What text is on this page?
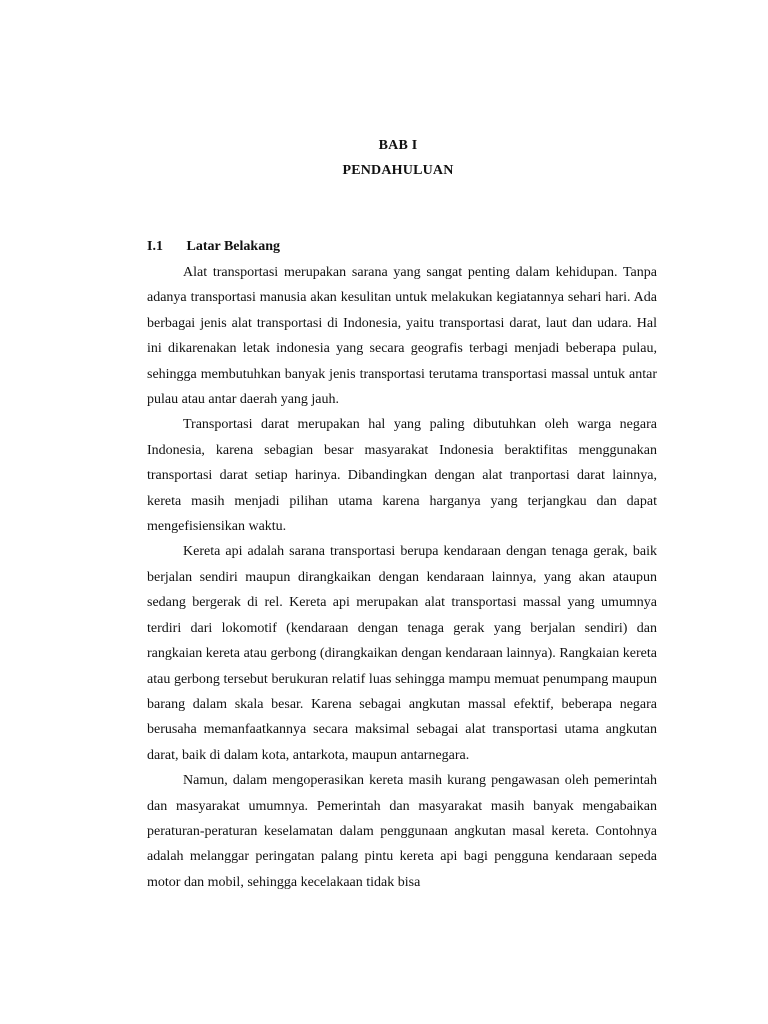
BAB I
PENDAHULUAN
I.1 Latar Belakang

Alat transportasi merupakan sarana yang sangat penting dalam kehidupan. Tanpa adanya transportasi manusia akan kesulitan untuk melakukan kegiatannya sehari hari. Ada berbagai jenis alat transportasi di Indonesia, yaitu transportasi darat, laut dan udara. Hal ini dikarenakan letak indonesia yang secara geografis terbagi menjadi beberapa pulau, sehingga membutuhkan banyak jenis transportasi terutama transportasi massal untuk antar pulau atau antar daerah yang jauh.

Transportasi darat merupakan hal yang paling dibutuhkan oleh warga negara Indonesia, karena sebagian besar masyarakat Indonesia beraktifitas menggunakan transportasi darat setiap harinya. Dibandingkan dengan alat tranportasi darat lainnya, kereta masih menjadi pilihan utama karena harganya yang terjangkau dan dapat mengefisiensikan waktu.

Kereta api adalah sarana transportasi berupa kendaraan dengan tenaga gerak, baik berjalan sendiri maupun dirangkaikan dengan kendaraan lainnya, yang akan ataupun sedang bergerak di rel. Kereta api merupakan alat transportasi massal yang umumnya terdiri dari lokomotif (kendaraan dengan tenaga gerak yang berjalan sendiri) dan rangkaian kereta atau gerbong (dirangkaikan dengan kendaraan lainnya). Rangkaian kereta atau gerbong tersebut berukuran relatif luas sehingga mampu memuat penumpang maupun barang dalam skala besar. Karena sebagai angkutan massal efektif, beberapa negara berusaha memanfaatkannya secara maksimal sebagai alat transportasi utama angkutan darat, baik di dalam kota, antarkota, maupun antarnegara.

Namun, dalam mengoperasikan kereta masih kurang pengawasan oleh pemerintah dan masyarakat umumnya. Pemerintah dan masyarakat masih banyak mengabaikan peraturan-peraturan keselamatan dalam penggunaan angkutan masal kereta. Contohnya adalah melanggar peringatan palang pintu kereta api bagi pengguna kendaraan sepeda motor dan mobil, sehingga kecelakaan tidak bisa
